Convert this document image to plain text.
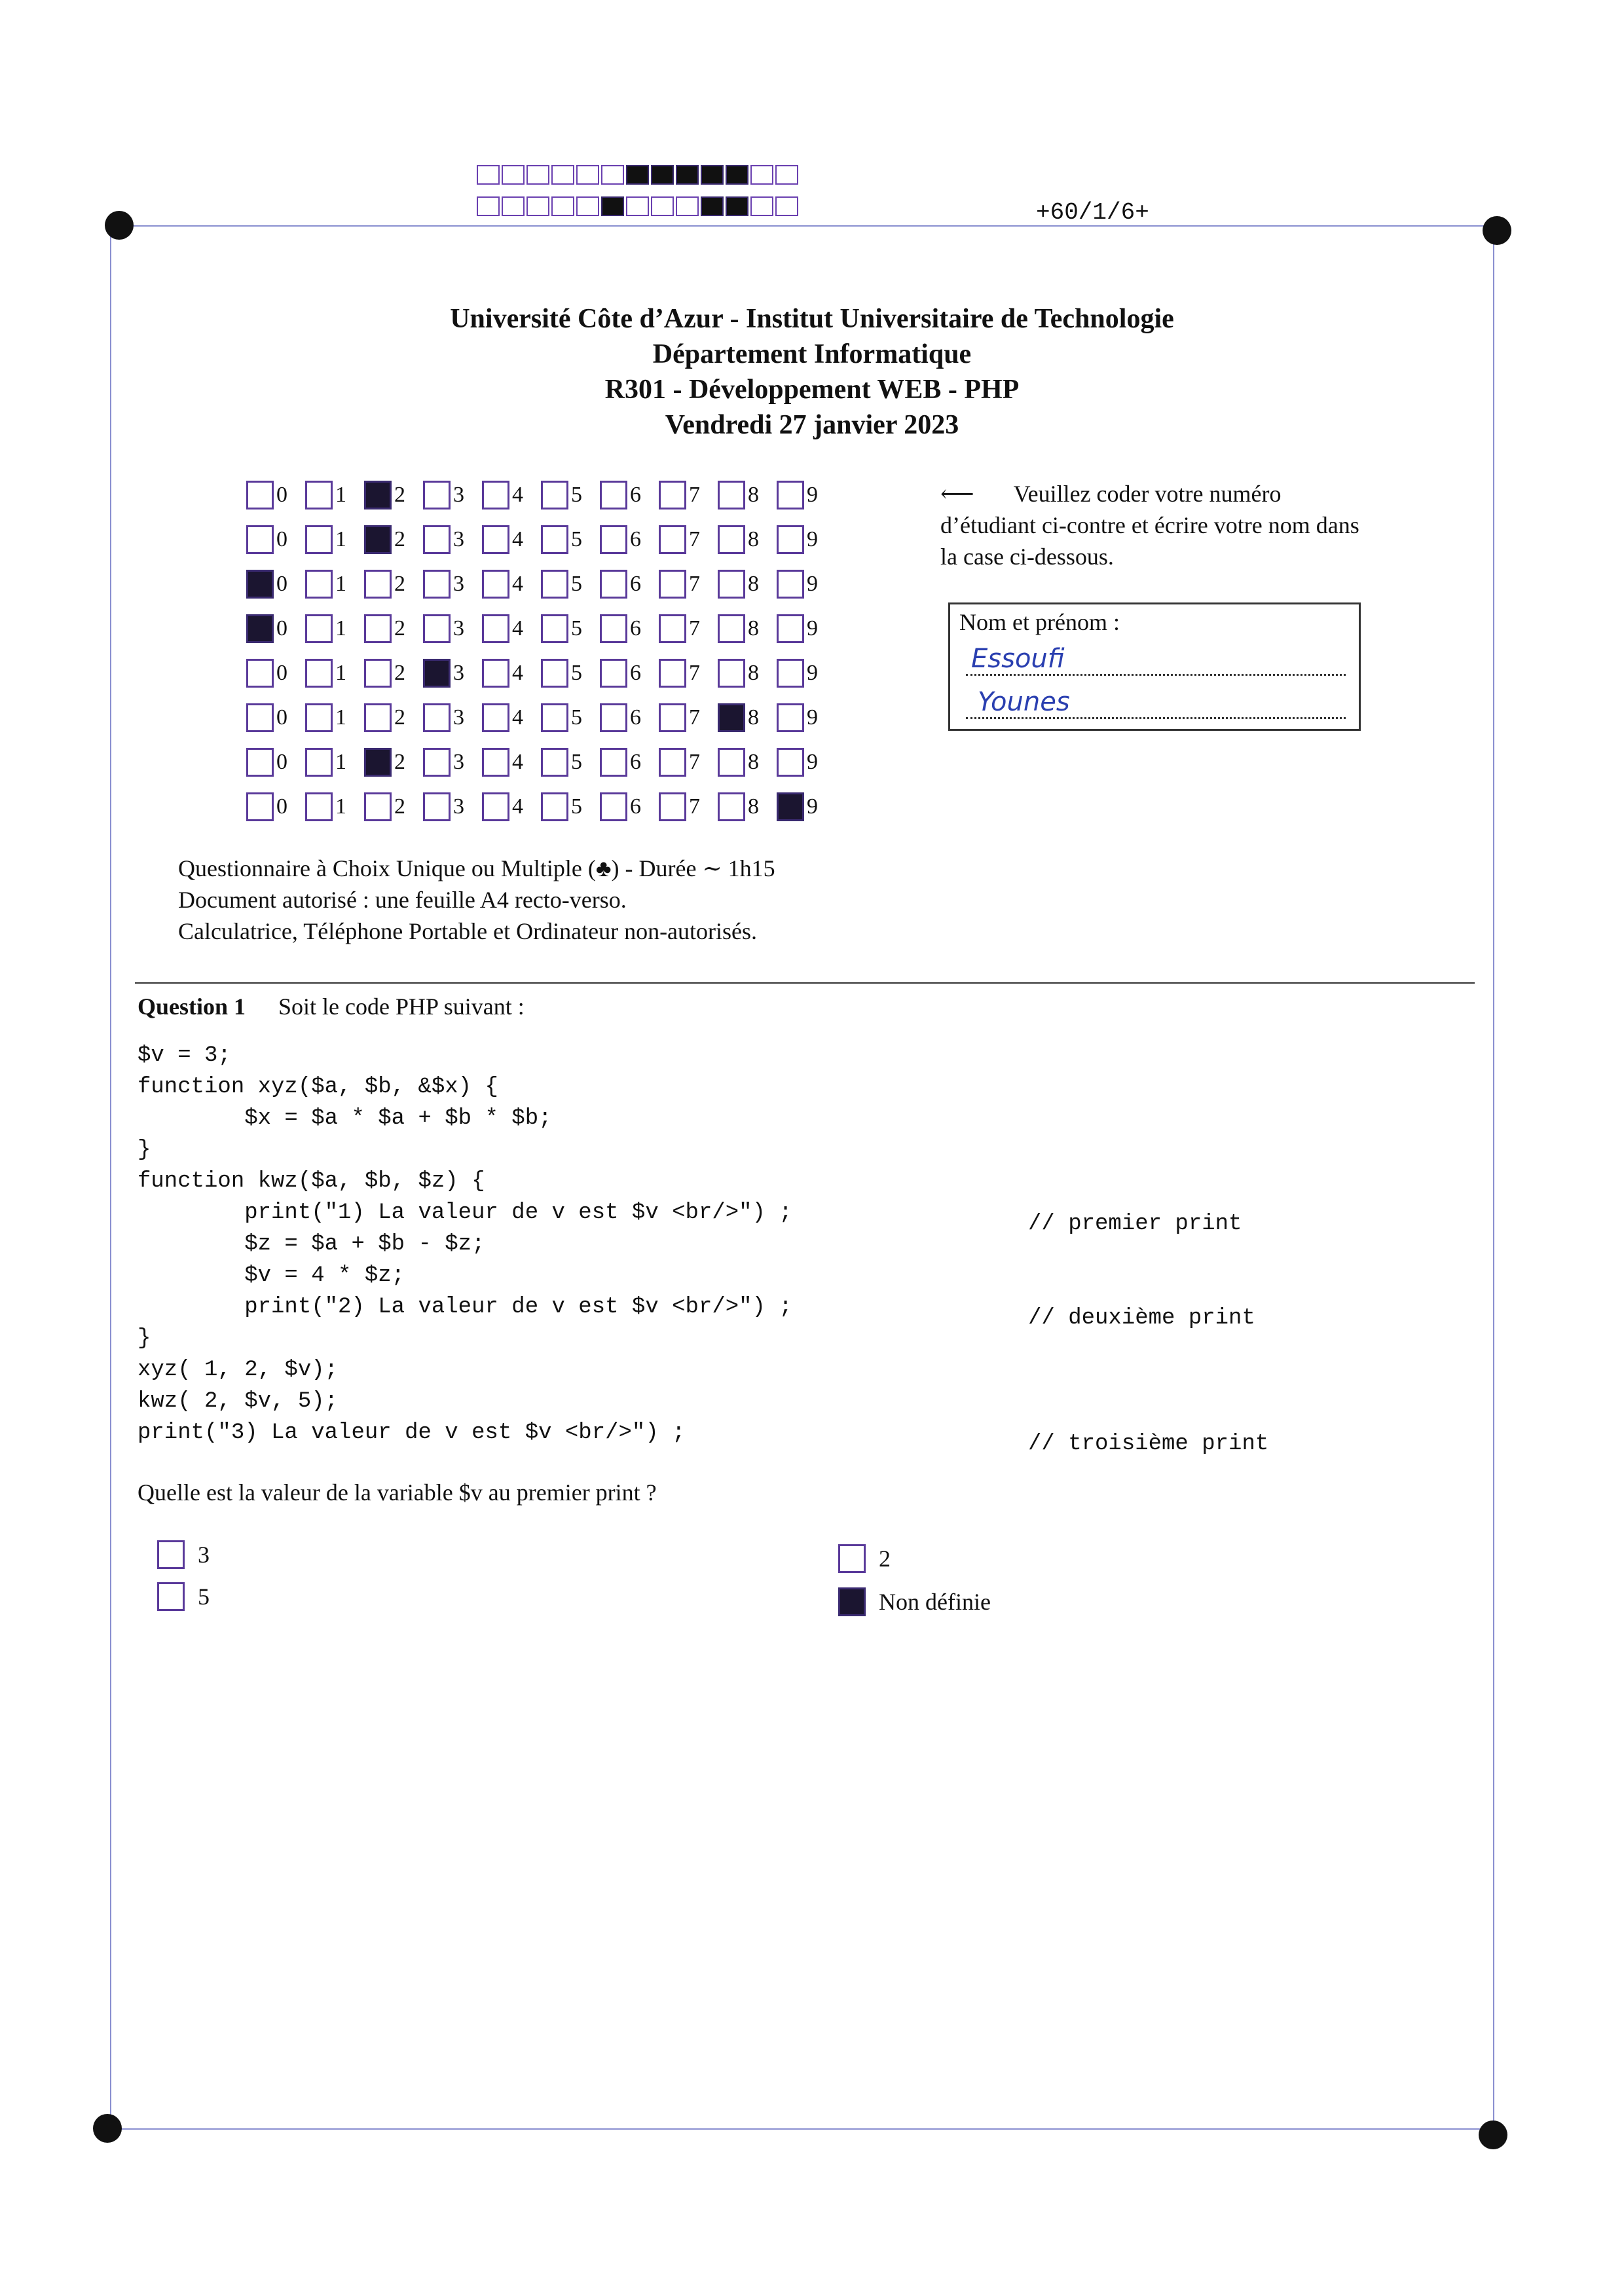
+60/1/6+
Université Côte d’Azur - Institut Universitaire de Technologie
Département Informatique
R301 - Développement WEB - PHP
Vendredi 27 janvier 2023
0 1 2 3 4 5 6 7 8 9
0 1 2 3 4 5 6 7 8 9
0 1 2 3 4 5 6 7 8 9
0 1 2 3 4 5 6 7 8 9
0 1 2 3 4 5 6 7 8 9
0 1 2 3 4 5 6 7 8 9
0 1 2 3 4 5 6 7 8 9
0 1 2 3 4 5 6 7 8 9
⟵ Veuillez coder votre numéro d’étudiant ci-contre et écrire votre nom dans la case ci-dessous.
Nom et prénom :
Essoufi
Younes
Questionnaire à Choix Unique ou Multiple (♣) - Durée ∼ 1h15
Document autorisé : une feuille A4 recto-verso.
Calculatrice, Téléphone Portable et Ordinateur non-autorisés.
Question 1 Soit le code PHP suivant :
$v = 3;
function xyz($a, $b, &$x) {
$x = $a * $a + $b * $b;
}
function kwz($a, $b, $z) {
print("1) La valeur de v est $v <br/>") ;
$z = $a + $b - $z;
$v = 4 * $z;
print("2) La valeur de v est $v <br/>") ;
}
xyz( 1, 2, $v);
kwz( 2, $v, 5);
print("3) La valeur de v est $v <br/>") ;
// premier print
// deuxième print
// troisième print
Quelle est la valeur de la variable $v au premier print ?
3
5
2
Non définie
